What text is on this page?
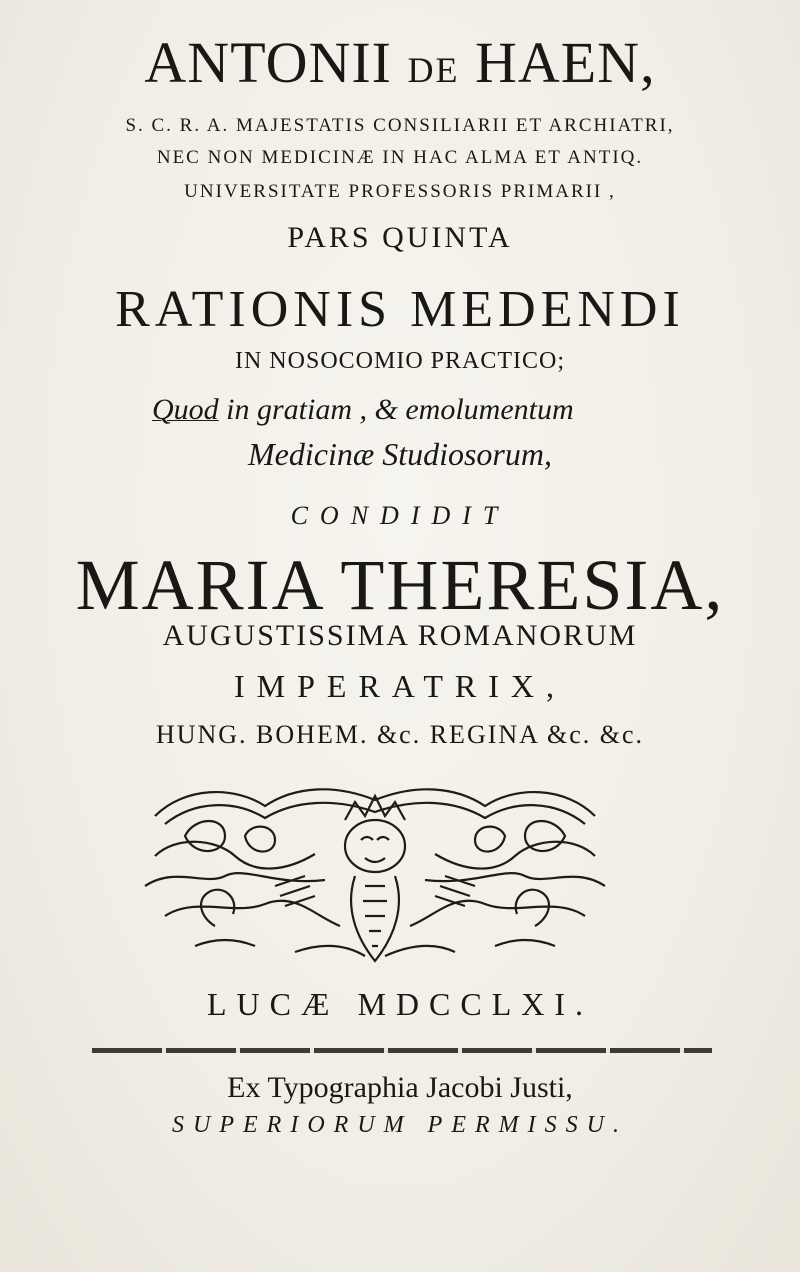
ANTONII DE HAEN,
S. C. R. A. MAJESTATIS CONSILIARII ET ARCHIATRI,
NEC NON MEDICINÆ IN HAC ALMA ET ANTIQ.
UNIVERSITATE PROFESSORIS PRIMARII ,
PARS QUINTA
RATIONIS MEDENDI
IN NOSOCOMIO PRACTICO;
Quod in gratiam , & emolumentum
Medicinæ Studiosorum,
CONDIDIT
MARIA THERESIA,
AUGUSTISSIMA ROMANORUM
IMPERATRIX,
HUNG. BOHEM. &c. REGINA &c. &c.
LUCÆ MDCCLXI.
Ex Typographia Jacobi Justi,
SUPERIORUM PERMISSU.
